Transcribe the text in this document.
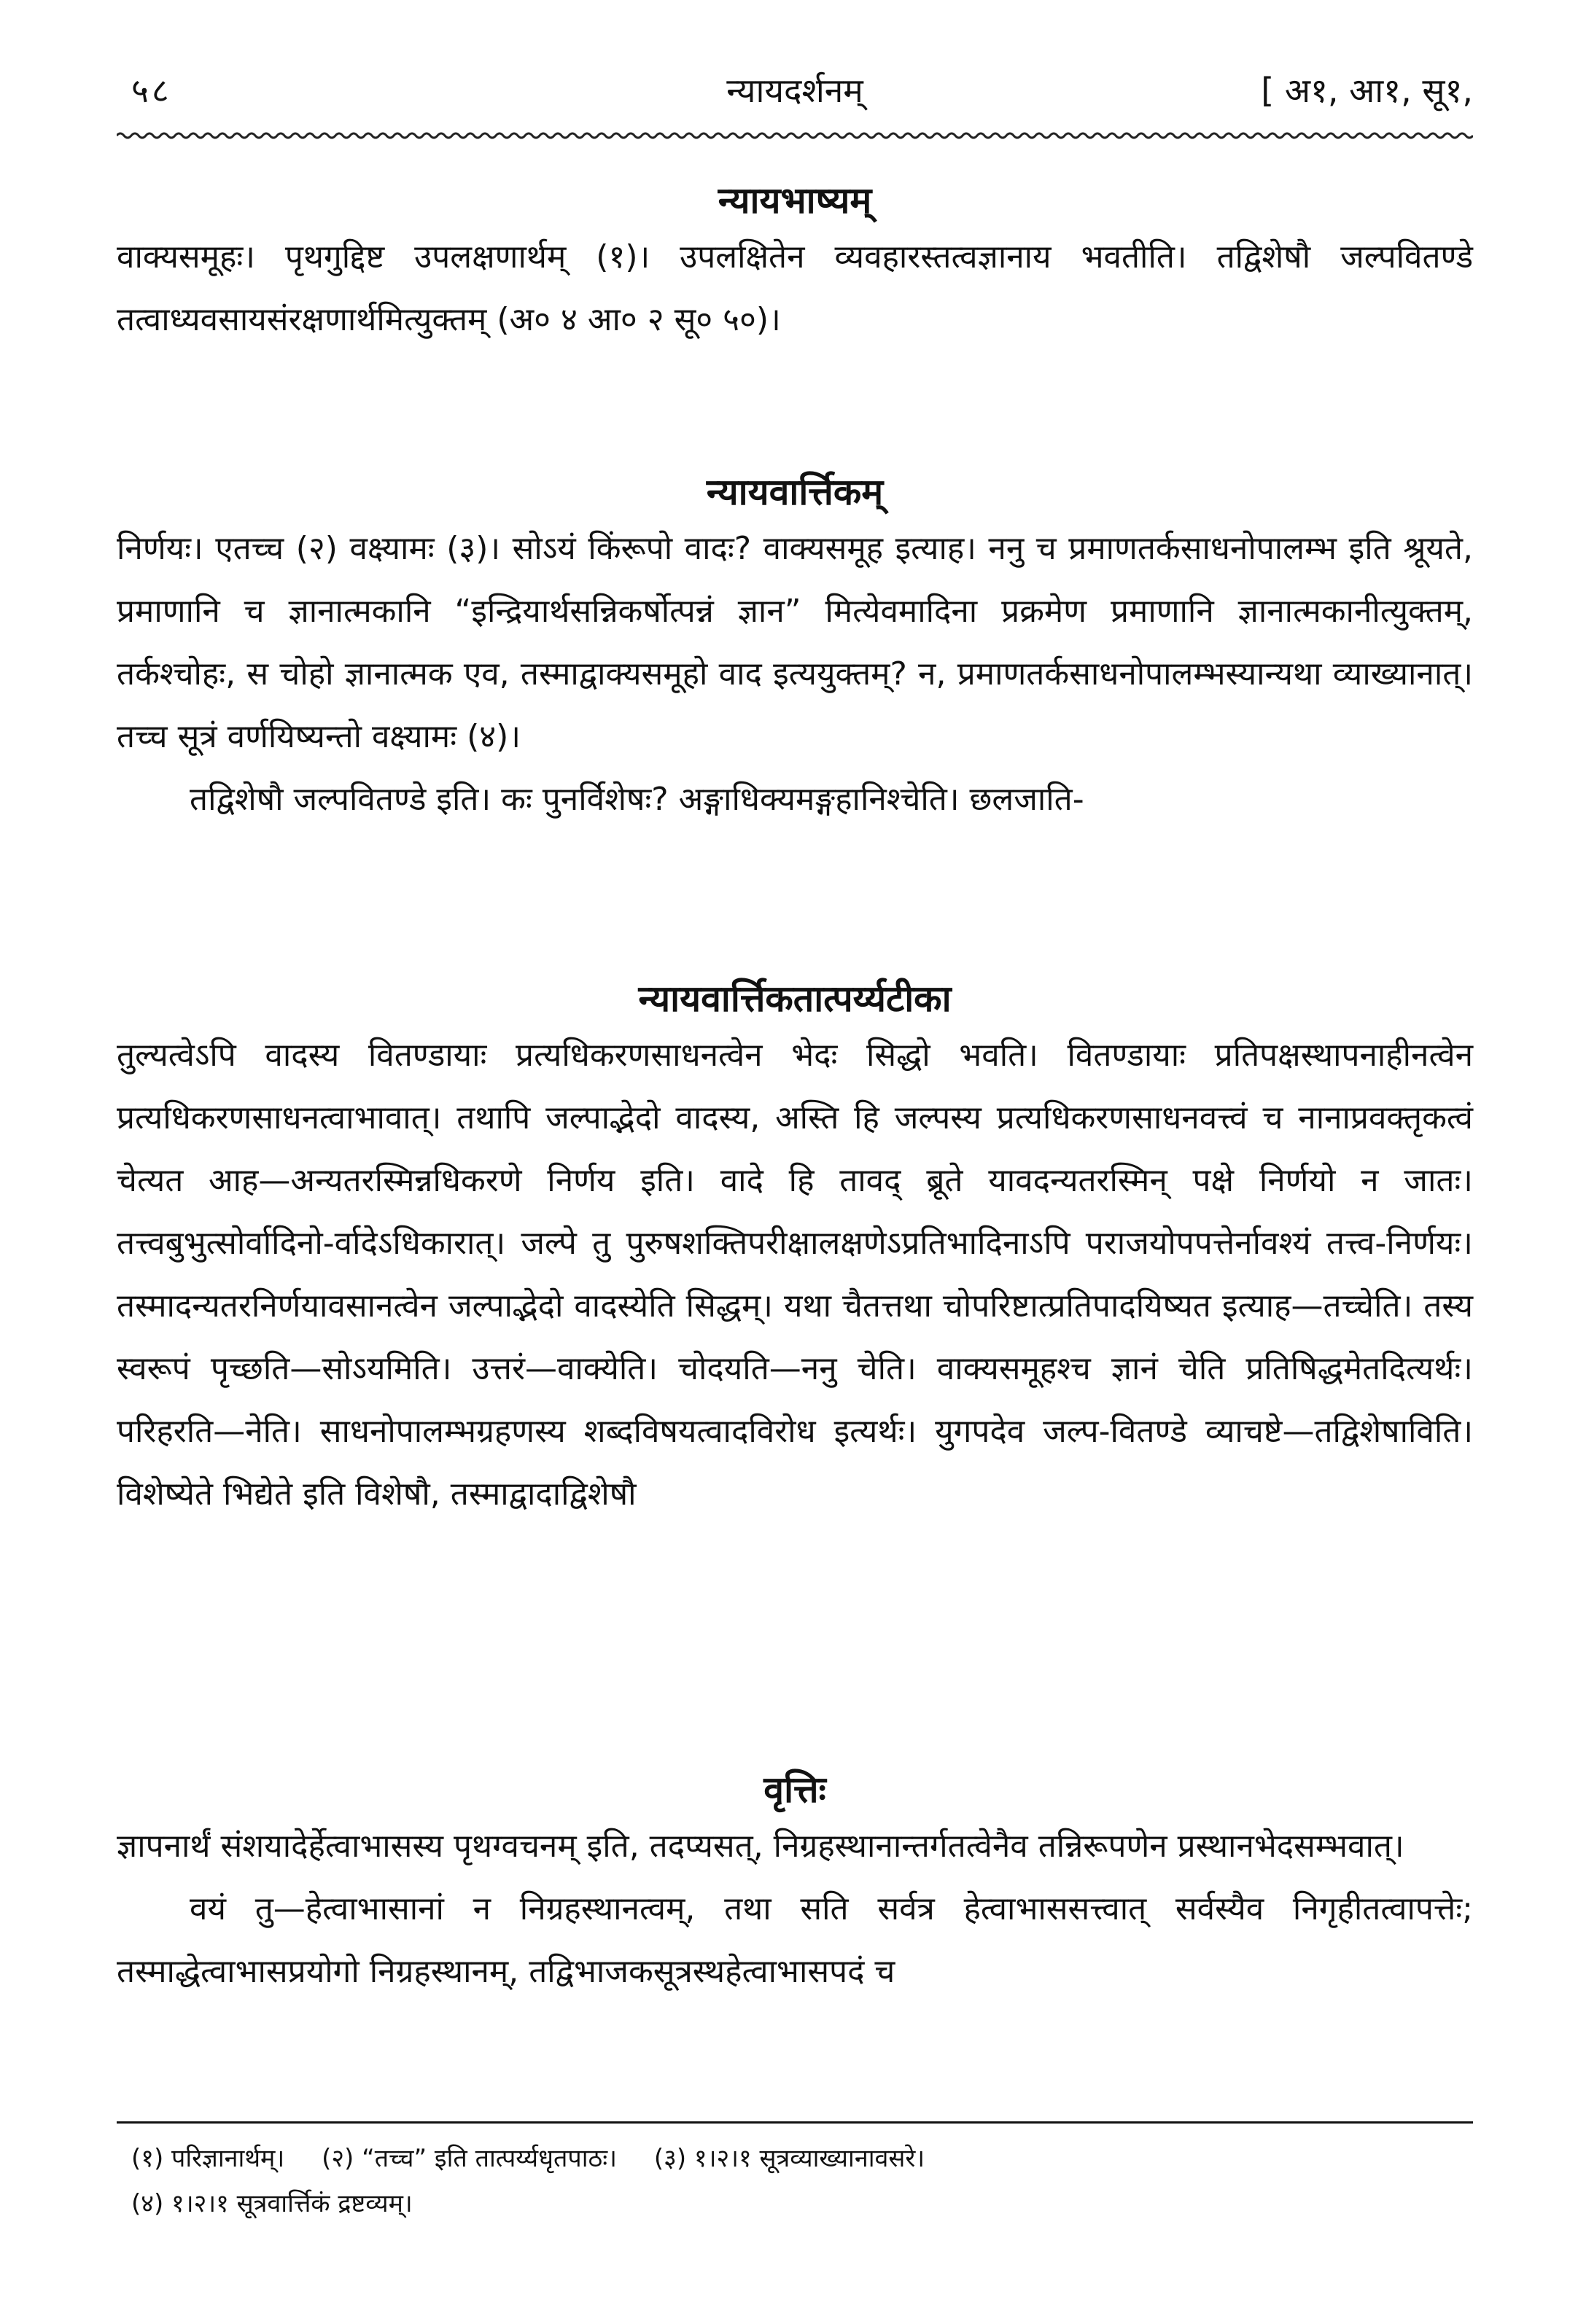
५८	न्यायदर्शनम्	[ अ१, आ१, सू१,
न्यायभाष्यम्

वाक्यसमूहः। पृथगुद्दिष्ट उपलक्षणार्थम् (१)। उपलक्षितेन व्यवहारस्तत्वज्ञानाय भवतीति। तद्विशेषौ जल्पवितण्डे तत्वाध्यवसायसंरक्षणार्थमित्युक्तम् (अ० ४ आ० २ सू० ५०)।

न्यायवार्त्तिकम्

निर्णयः। एतच्च (२) वक्ष्यामः (३)। सोऽयं किंरूपो वादः? वाक्यसमूह इत्याह। ननु च प्रमाणतर्कसाधनोपालम्भ इति श्रूयते, प्रमाणानि च ज्ञानात्मकानि “इन्द्रियार्थसन्निकर्षोत्पन्नं ज्ञान” मित्येवमादिना प्रक्रमेण प्रमाणानि ज्ञानात्मकानीत्युक्तम्, तर्कश्चोहः, स चोहो ज्ञानात्मक एव, तस्माद्वाक्यसमूहो वाद इत्ययुक्तम्? न, प्रमाणतर्कसाधनोपालम्भस्यान्यथा व्याख्यानात्। तच्च सूत्रं वर्णयिष्यन्तो वक्ष्यामः (४)।

तद्विशेषौ जल्पवितण्डे इति। कः पुनर्विशेषः? अङ्गाधिक्यमङ्गहानिश्चेति। छलजाति-

न्यायवार्त्तिकतात्पर्य्यटीका

तुल्यत्वेऽपि वादस्य वितण्डायाः प्रत्यधिकरणसाधनत्वेन भेदः सिद्धो भवति। वितण्डायाः प्रतिपक्षस्थापनाहीनत्वेन प्रत्यधिकरणसाधनत्वाभावात्। तथापि जल्पाद्भेदो वादस्य, अस्ति हि जल्पस्य प्रत्यधिकरणसाधनवत्त्वं च नानाप्रवक्तृकत्वं चेत्यत आह—अन्यतरस्मिन्नधिकरणे निर्णय इति। वादे हि तावद् ब्रूते यावदन्यतरस्मिन् पक्षे निर्णयो न जातः। तत्त्वबुभुत्सोर्वादिनो-र्वादेऽधिकारात्। जल्पे तु पुरुषशक्तिपरीक्षालक्षणेऽप्रतिभादिनाऽपि पराजयोपपत्तेर्नावश्यं तत्त्व-निर्णयः। तस्मादन्यतरनिर्णयावसानत्वेन जल्पाद्भेदो वादस्येति सिद्धम्। यथा चैतत्तथा चोपरिष्टात्प्रतिपादयिष्यत इत्याह—तच्चेति। तस्य स्वरूपं पृच्छति—सोऽयमिति। उत्तरं—वाक्येति। चोदयति—ननु चेति। वाक्यसमूहश्च ज्ञानं चेति प्रतिषिद्धमेतदित्यर्थः। परिहरति—नेति। साधनोपालम्भग्रहणस्य शब्दविषयत्वादविरोध इत्यर्थः। युगपदेव जल्प-वितण्डे व्याचष्टे—तद्विशेषाविति। विशेष्येते भिद्येते इति विशेषौ, तस्माद्वादाद्विशेषौ

वृत्तिः

ज्ञापनार्थं संशयादेर्हेत्वाभासस्य पृथग्वचनम् इति, तदप्यसत्, निग्रहस्थानान्तर्गतत्वेनैव तन्निरूपणेन प्रस्थानभेदसम्भवात्।

वयं तु—हेत्वाभासानां न निग्रहस्थानत्वम्, तथा सति सर्वत्र हेत्वाभाससत्त्वात् सर्वस्यैव निगृहीतत्वापत्तेः; तस्माद्धेत्वाभासप्रयोगो निग्रहस्थानम्, तद्विभाजकसूत्रस्थहेत्वाभासपदं च

(१) परिज्ञानार्थम्। (२) “तच्च” इति तात्पर्य्यधृतपाठः। (३) १।२।१ सूत्रव्याख्यानावसरे।
(४) १।२।१ सूत्रवार्त्तिकं द्रष्टव्यम्।
